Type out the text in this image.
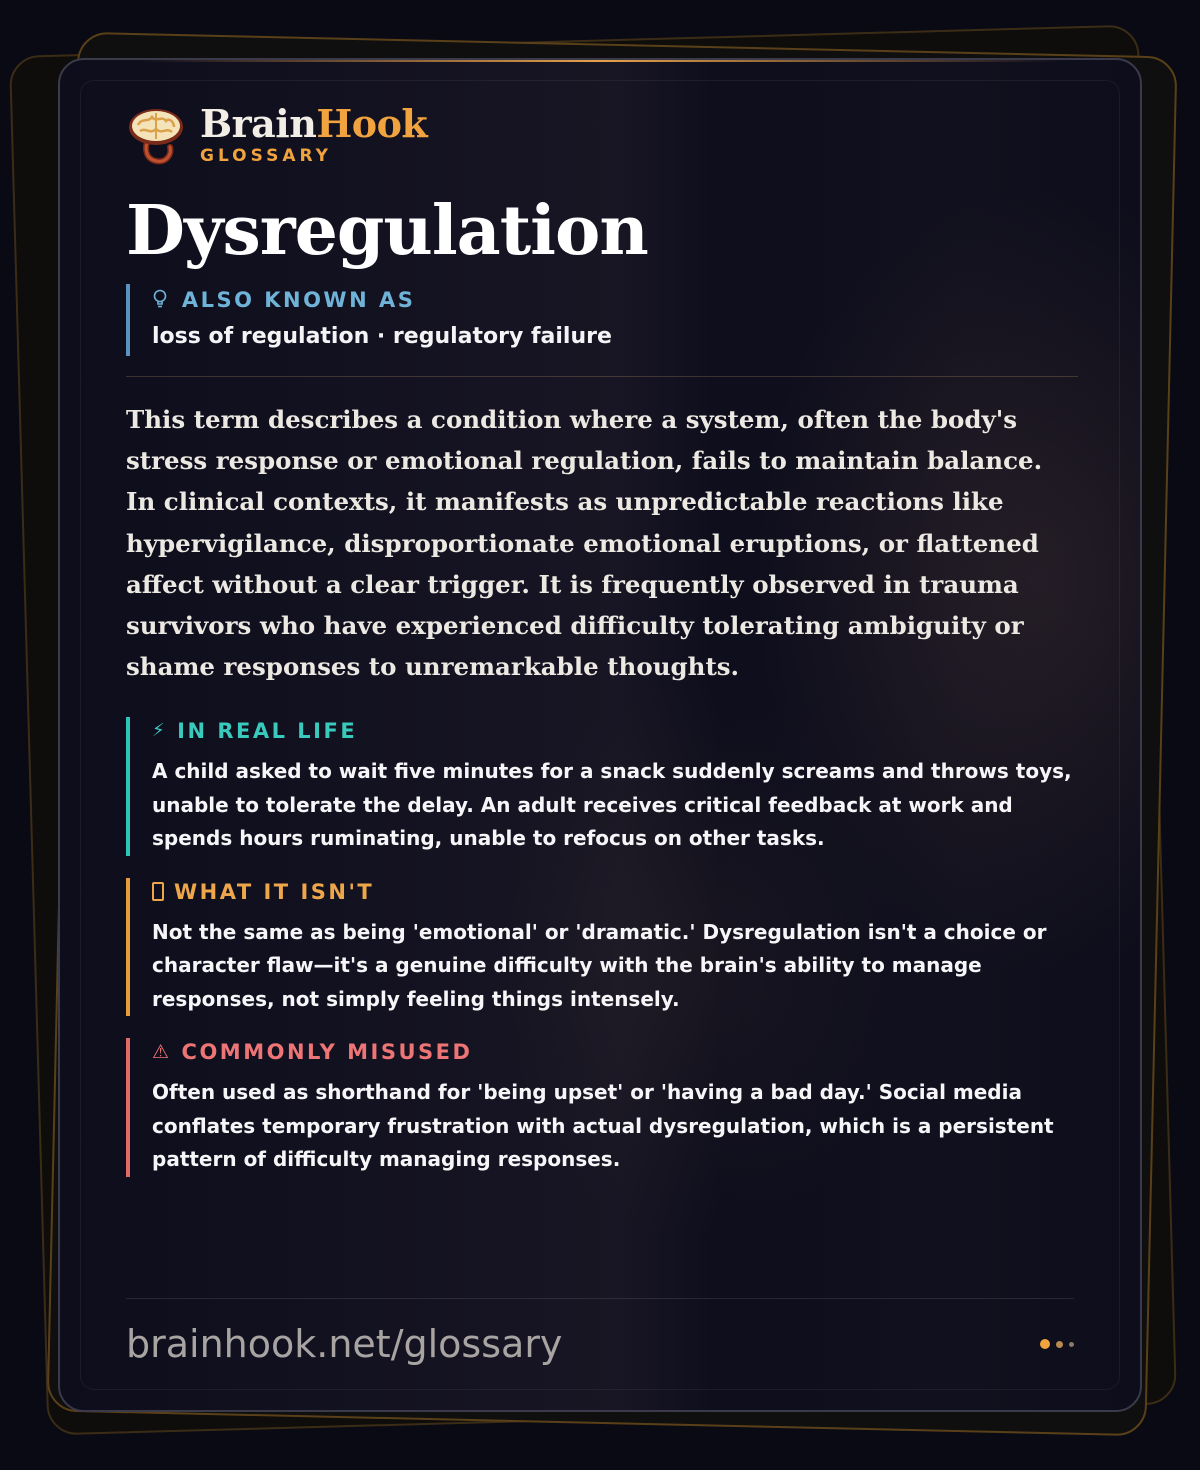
BrainHook
GLOSSARY
Dysregulation
ALSO KNOWN AS
loss of regulation · regulatory failure

This term describes a condition where a system, often the body's stress response or emotional regulation, fails to maintain balance. In clinical contexts, it manifests as unpredictable reactions like hypervigilance, disproportionate emotional eruptions, or flattened affect without a clear trigger. It is frequently observed in trauma survivors who have experienced difficulty tolerating ambiguity or shame responses to unremarkable thoughts.

⚡ IN REAL LIFE
A child asked to wait five minutes for a snack suddenly screams and throws toys, unable to tolerate the delay. An adult receives critical feedback at work and spends hours ruminating, unable to refocus on other tasks.
WHAT IT ISN'T
Not the same as being 'emotional' or 'dramatic.' Dysregulation isn't a choice or character flaw—it's a genuine difficulty with the brain's ability to manage responses, not simply feeling things intensely.
⚠ COMMONLY MISUSED
Often used as shorthand for 'being upset' or 'having a bad day.' Social media conflates temporary frustration with actual dysregulation, which is a persistent pattern of difficulty managing responses.
brainhook.net/glossary
